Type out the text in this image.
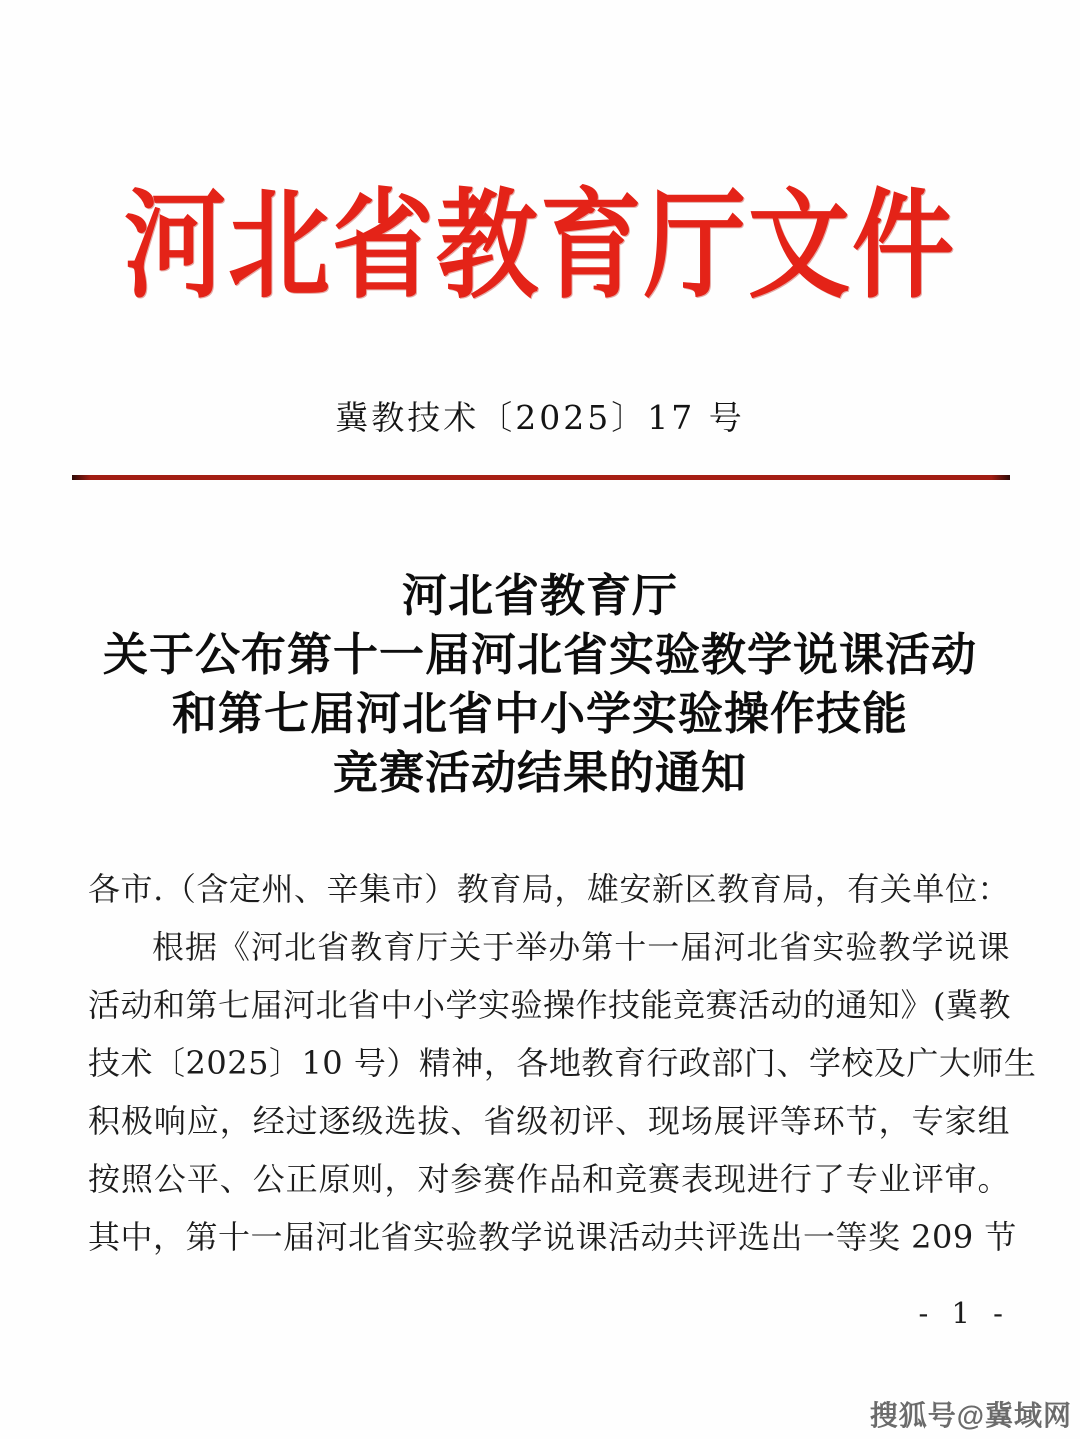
河北省教育厅文件
冀教技术〔2025〕17 号
河北省教育厅
关于公布第十一届河北省实验教学说课活动
和第七届河北省中小学实验操作技能
竞赛活动结果的通知
各市.（含定州、辛集市）教育局，雄安新区教育局，有关单位：
根据《河北省教育厅关于举办第十一届河北省实验教学说课
活动和第七届河北省中小学实验操作技能竞赛活动的通知》(冀教
技术〔2025〕10 号）精神，各地教育行政部门、学校及广大师生
积极响应，经过逐级选拔、省级初评、现场展评等环节，专家组
按照公平、公正原则，对参赛作品和竞赛表现进行了专业评审。
其中，第十一届河北省实验教学说课活动共评选出一等奖 209 节
- 1 -
搜狐号@冀域网
